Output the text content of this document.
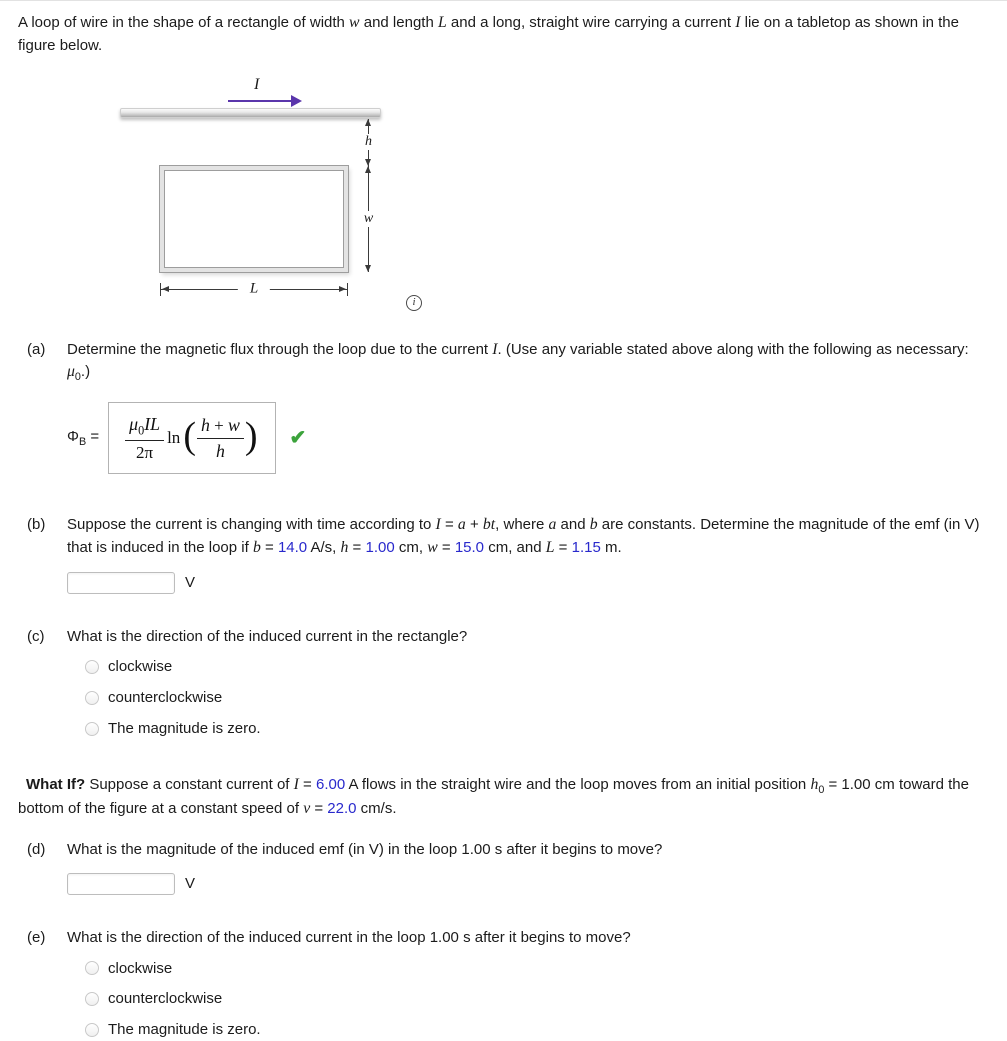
A loop of wire in the shape of a rectangle of width w and length L and a long, straight wire carrying a current I lie on a tabletop as shown in the figure below.

I
h
w
L
i
(a)	Determine the magnetic flux through the loop due to the current I. (Use any variable stated above along with the following as necessary: $\mu_0$.)
$\Phi_B = \frac{\mu_0IL}{2\pi}$ ln ( $\frac{h + w}{h}$ ) ✔
(b)	Suppose the current is changing with time according to I = a + bt, where a and b are constants. Determine the magnitude of the emf (in V) that is induced in the loop if b = 14.0 A/s, h = 1.00 cm, w = 15.0 cm, and L = 1.15 m.
V
(c)	What is the direction of the induced current in the rectangle?
clockwise
counterclockwise
The magnitude is zero.

What If? Suppose a constant current of I = 6.00 A flows in the straight wire and the loop moves from an initial position $h_0 = 1.00$ cm toward the bottom of the figure at a constant speed of v = 22.0 cm/s.

(d)	What is the magnitude of the induced emf (in V) in the loop 1.00 s after it begins to move?
V
(e)	What is the direction of the induced current in the loop 1.00 s after it begins to move?
clockwise
counterclockwise
The magnitude is zero.
